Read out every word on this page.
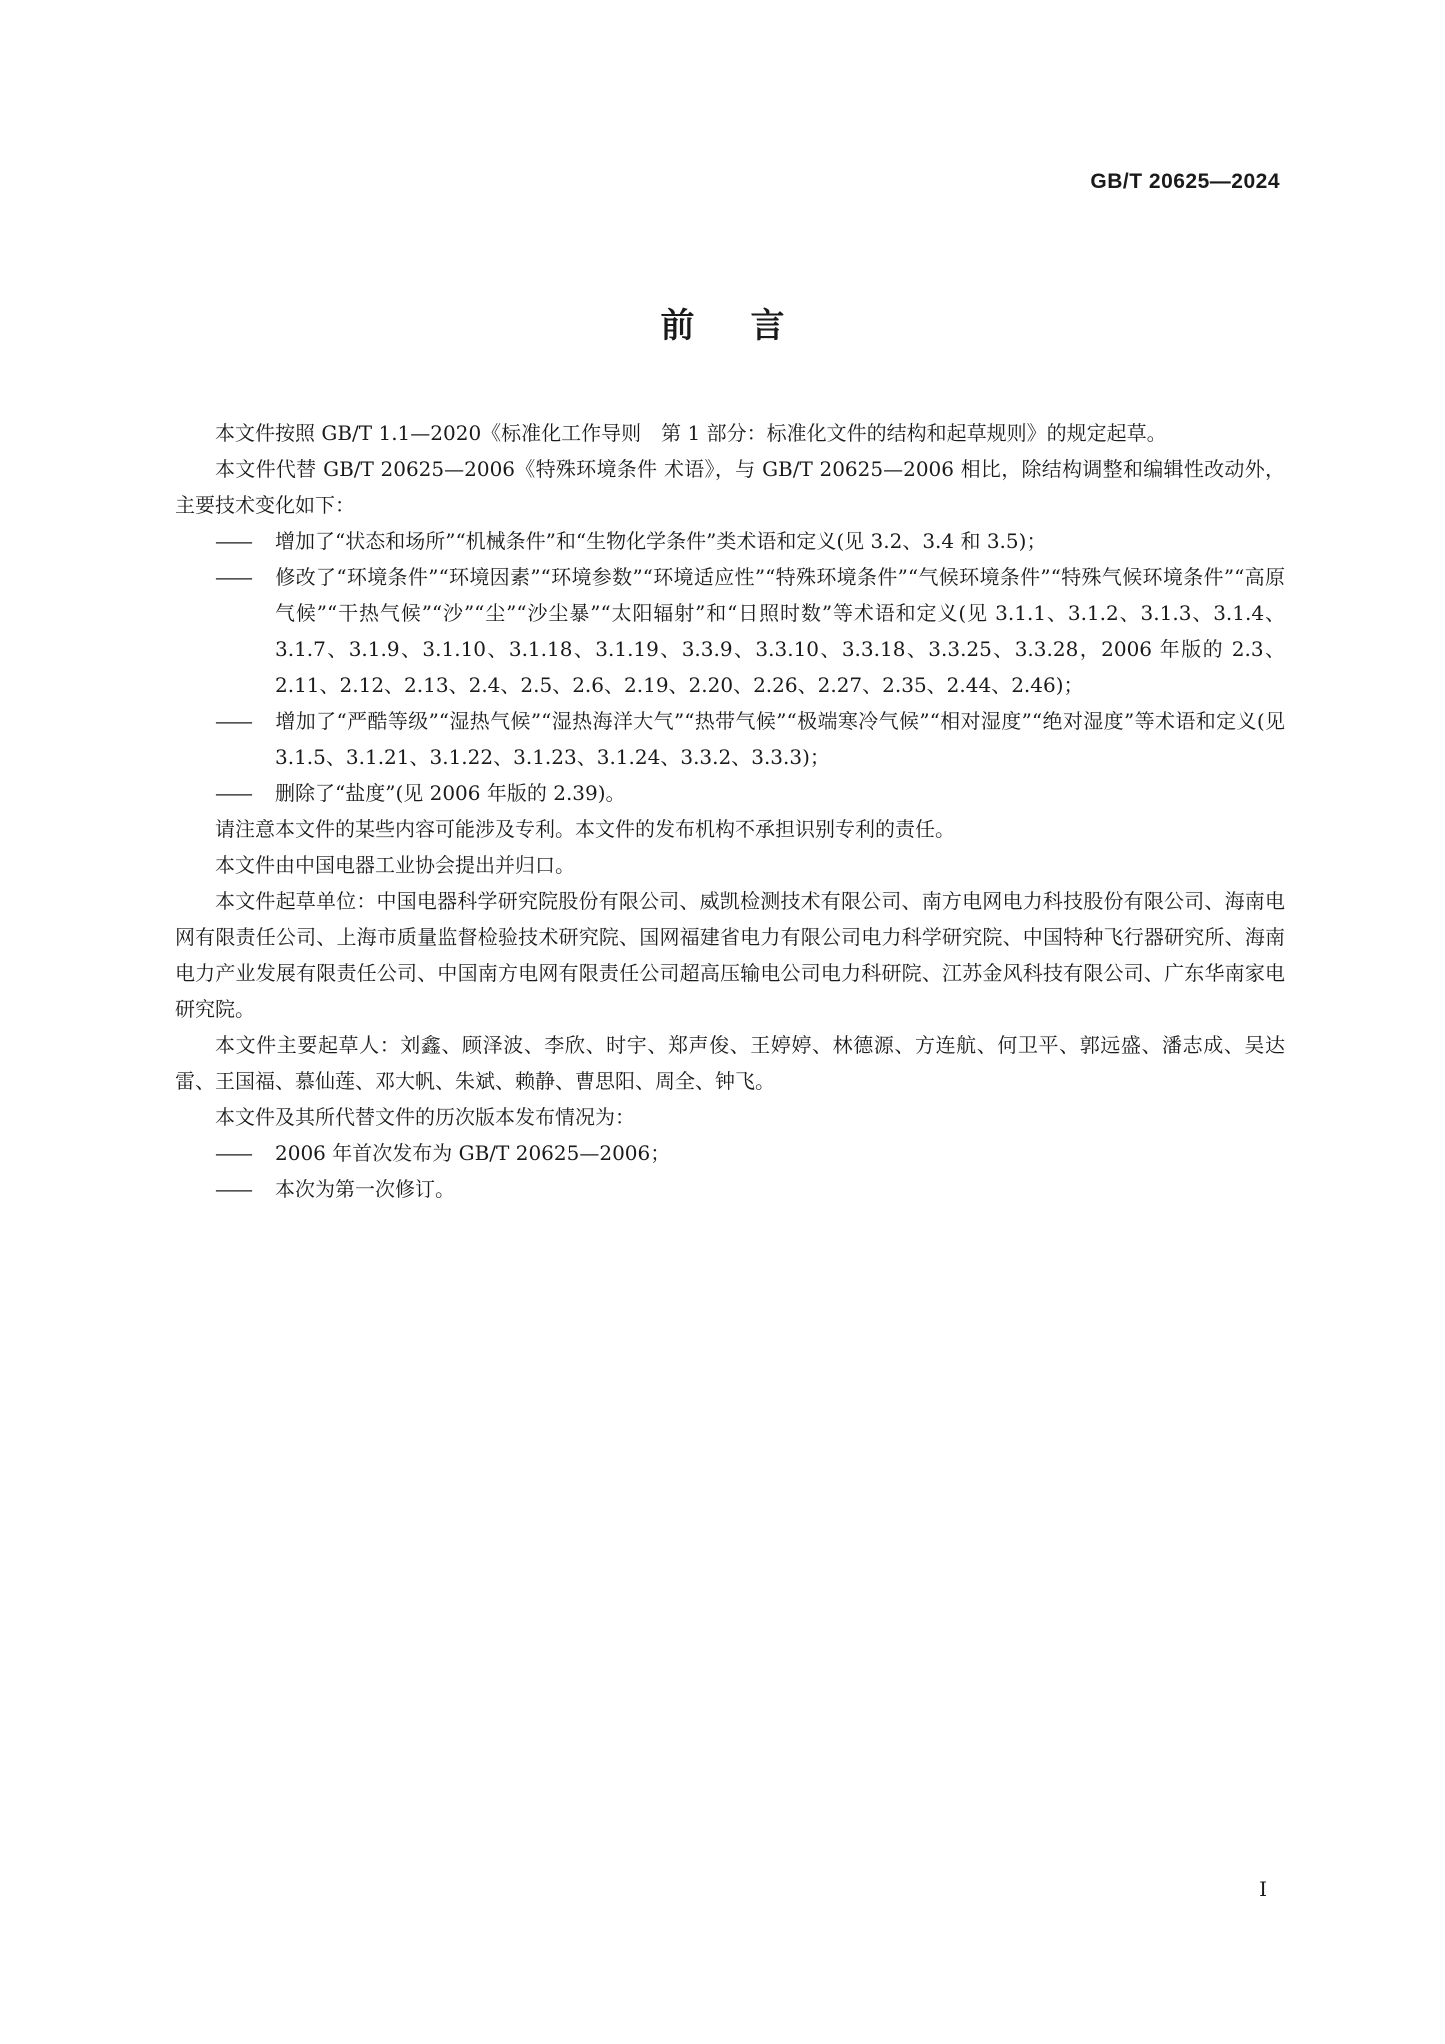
GB/T 20625—2024
前言

本文件按照 GB/T 1.1—2020《标准化工作导则　第 1 部分：标准化文件的结构和起草规则》的规定起草。

本文件代替 GB/T 20625—2006《特殊环境条件 术语》，与 GB/T 20625—2006 相比，除结构调整和编辑性改动外，主要技术变化如下：

—— 增加了“状态和场所”“机械条件”和“生物化学条件”类术语和定义(见 3.2、3.4 和 3.5)；

—— 修改了“环境条件”“环境因素”“环境参数”“环境适应性”“特殊环境条件”“气候环境条件”“特殊气候环境条件”“高原气候”“干热气候”“沙”“尘”“沙尘暴”“太阳辐射”和“日照时数”等术语和定义(见 3.1.1、3.1.2、3.1.3、3.1.4、3.1.7、3.1.9、3.1.10、3.1.18、3.1.19、3.3.9、3.3.10、3.3.18、3.3.25、3.3.28，2006 年版的 2.3、2.11、2.12、2.13、2.4、2.5、2.6、2.19、2.20、2.26、2.27、2.35、2.44、2.46)；

—— 增加了“严酷等级”“湿热气候”“湿热海洋大气”“热带气候”“极端寒冷气候”“相对湿度”“绝对湿度”等术语和定义(见 3.1.5、3.1.21、3.1.22、3.1.23、3.1.24、3.3.2、3.3.3)；

—— 删除了“盐度”(见 2006 年版的 2.39)。

请注意本文件的某些内容可能涉及专利。本文件的发布机构不承担识别专利的责任。

本文件由中国电器工业协会提出并归口。

本文件起草单位：中国电器科学研究院股份有限公司、威凯检测技术有限公司、南方电网电力科技股份有限公司、海南电网有限责任公司、上海市质量监督检验技术研究院、国网福建省电力有限公司电力科学研究院、中国特种飞行器研究所、海南电力产业发展有限责任公司、中国南方电网有限责任公司超高压输电公司电力科研院、江苏金风科技有限公司、广东华南家电研究院。

本文件主要起草人：刘鑫、顾泽波、李欣、时宇、郑声俊、王婷婷、林德源、方连航、何卫平、郭远盛、潘志成、吴达雷、王国福、慕仙莲、邓大帆、朱斌、赖静、曹思阳、周全、钟飞。

本文件及其所代替文件的历次版本发布情况为：

—— 2006 年首次发布为 GB/T 20625—2006；

—— 本次为第一次修订。

I
